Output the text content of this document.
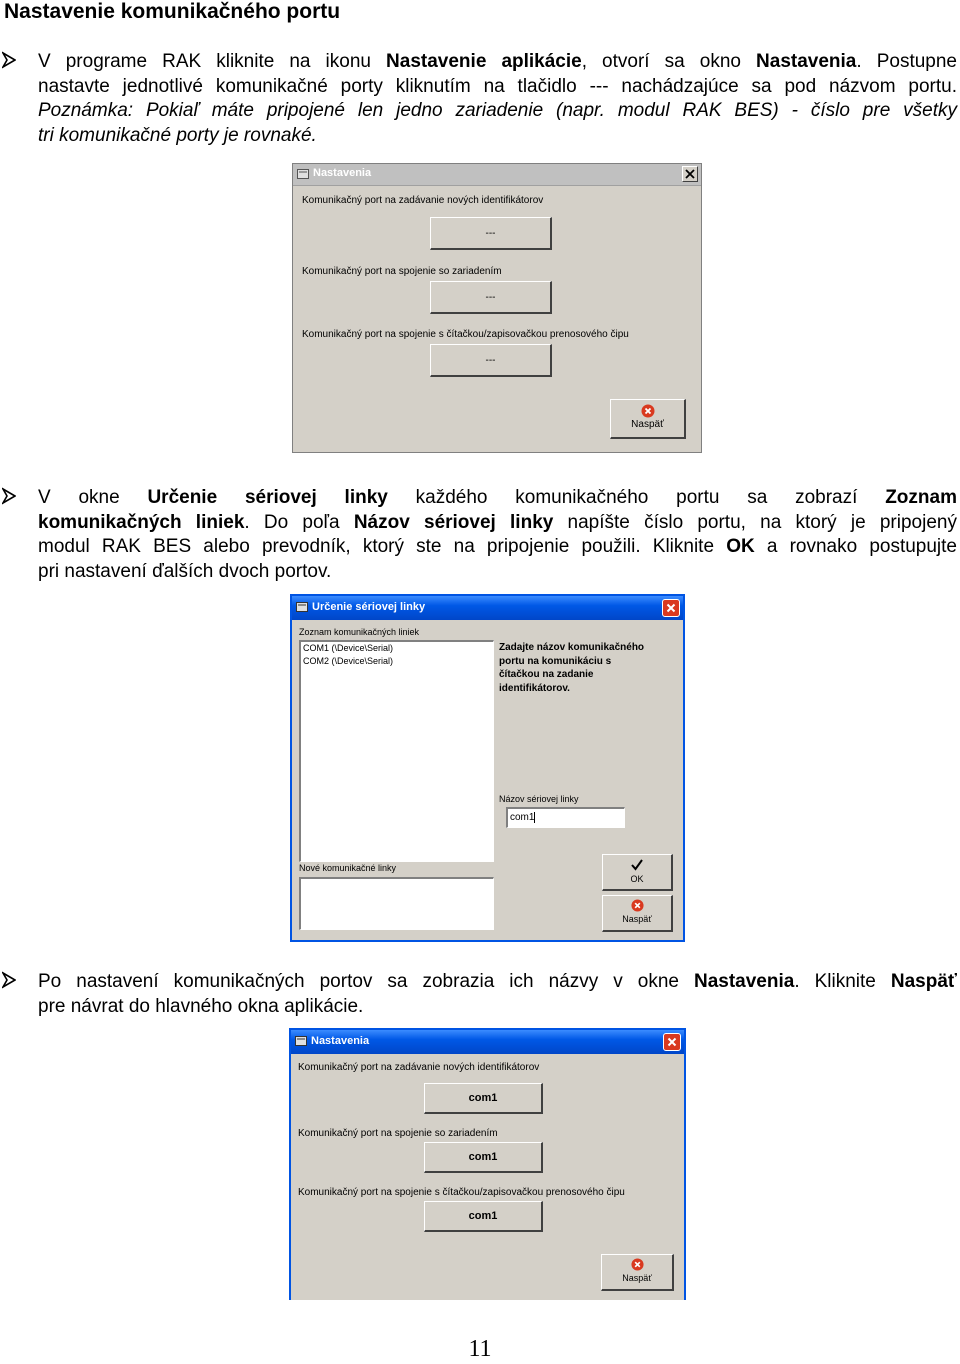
Nastavenie komunikačného portu

V programe RAK kliknite na ikonu Nastavenie aplikácie, otvorí sa okno Nastavenia. Postupne
nastavte jednotlivé komunikačné porty kliknutím na tlačidlo --- nachádzajúce sa pod názvom portu.
Poznámka: Pokiaľ máte pripojené len jedno zariadenie (napr. modul RAK BES) - číslo pre všetky
tri komunikačné porty je rovnaké.

Nastavenia
Komunikačný port na zadávanie nových identifikátorov
---
Komunikačný port na spojenie so zariadením
---
Komunikačný port na spojenie s čítačkou/zapisovačkou prenosového čipu
---
Naspäť

V okne Určenie sériovej linky každého komunikačného portu sa zobrazí Zoznam
komunikačných liniek. Do poľa Názov sériovej linky napíšte číslo portu, na ktorý je pripojený
modul RAK BES alebo prevodník, ktorý ste na pripojenie použili. Kliknite OK a rovnako postupujte
pri nastavení ďalších dvoch portov.

Určenie sériovej linky
Zoznam komunikačných liniek
COM1 (\Device\Serial)
COM2 (\Device\Serial)
Zadajte názov komunikačného
portu na komunikáciu s
čítačkou na zadanie
identifikátorov.
Názov sériovej linky
com1
Nové komunikačné linky
OK
Naspäť

Po nastavení komunikačných portov sa zobrazia ich názvy v okne Nastavenia. Kliknite Naspäť
pre návrat do hlavného okna aplikácie.

Nastavenia
Komunikačný port na zadávanie nových identifikátorov
com1
Komunikačný port na spojenie so zariadením
com1
Komunikačný port na spojenie s čítačkou/zapisovačkou prenosového čipu
com1
Naspäť
11
